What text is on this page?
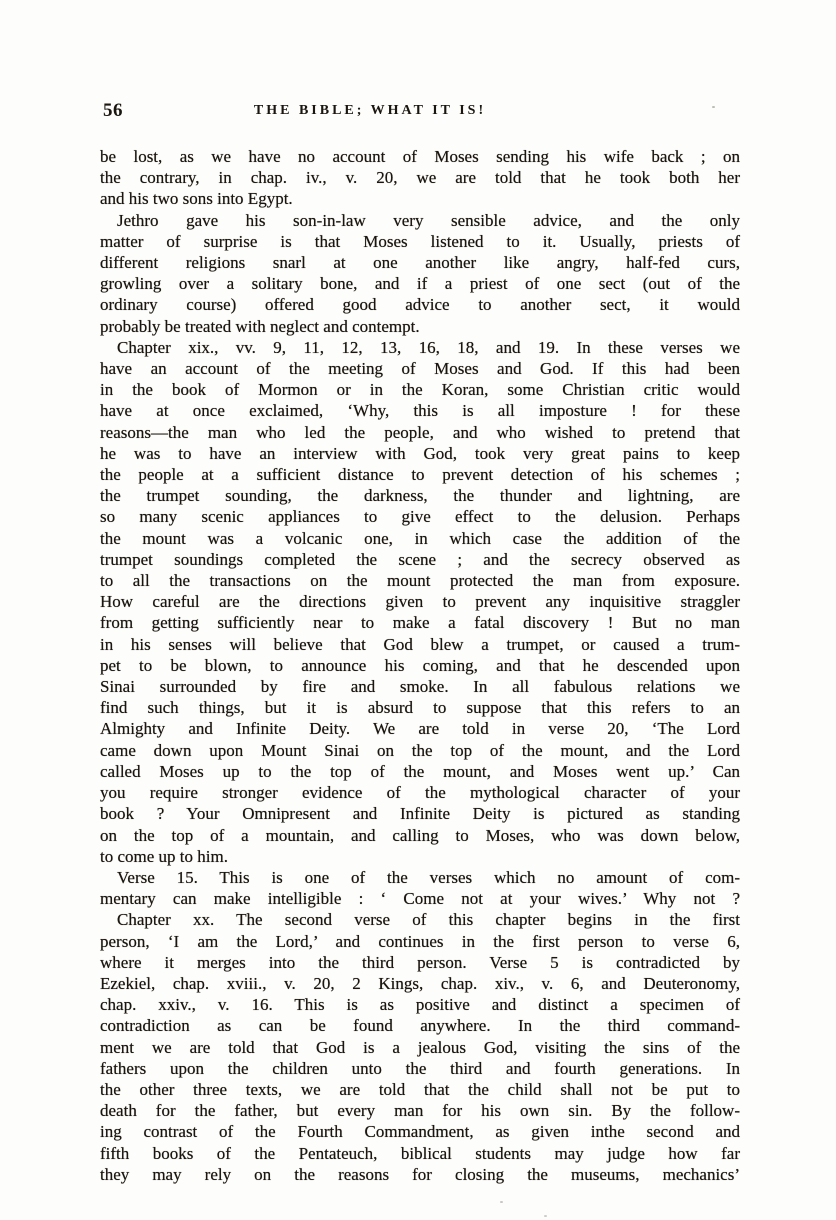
56	THE BIBLE; WHAT IT IS!
be lost, as we have no account of Moses sending his wife back ; on
the contrary, in chap. iv., v. 20, we are told that he took both her
and his two sons into Egypt.
Jethro gave his son-in-law very sensible advice, and the only
matter of surprise is that Moses listened to it. Usually, priests of
different religions snarl at one another like angry, half-fed curs,
growling over a solitary bone, and if a priest of one sect (out of the
ordinary course) offered good advice to another sect, it would
probably be treated with neglect and contempt.
Chapter xix., vv. 9, 11, 12, 13, 16, 18, and 19. In these verses we
have an account of the meeting of Moses and God. If this had been
in the book of Mormon or in the Koran, some Christian critic would
have at once exclaimed, ‘Why, this is all imposture ! for these
reasons—the man who led the people, and who wished to pretend that
he was to have an interview with God, took very great pains to keep
the people at a sufficient distance to prevent detection of his schemes ;
the trumpet sounding, the darkness, the thunder and lightning, are
so many scenic appliances to give effect to the delusion. Perhaps
the mount was a volcanic one, in which case the addition of the
trumpet soundings completed the scene ; and the secrecy observed as
to all the transactions on the mount protected the man from exposure.
How careful are the directions given to prevent any inquisitive straggler
from getting sufficiently near to make a fatal discovery ! But no man
in his senses will believe that God blew a trumpet, or caused a trum-
pet to be blown, to announce his coming, and that he descended upon
Sinai surrounded by fire and smoke. In all fabulous relations we
find such things, but it is absurd to suppose that this refers to an
Almighty and Infinite Deity. We are told in verse 20, ‘The Lord
came down upon Mount Sinai on the top of the mount, and the Lord
called Moses up to the top of the mount, and Moses went up.’ Can
you require stronger evidence of the mythological character of your
book ? Your Omnipresent and Infinite Deity is pictured as standing
on the top of a mountain, and calling to Moses, who was down below,
to come up to him.
Verse 15. This is one of the verses which no amount of com-
mentary can make intelligible : ‘ Come not at your wives.’ Why not ?
Chapter xx. The second verse of this chapter begins in the first
person, ‘I am the Lord,’ and continues in the first person to verse 6,
where it merges into the third person. Verse 5 is contradicted by
Ezekiel, chap. xviii., v. 20, 2 Kings, chap. xiv., v. 6, and Deuteronomy,
chap. xxiv., v. 16. This is as positive and distinct a specimen of
contradiction as can be found anywhere. In the third command-
ment we are told that God is a jealous God, visiting the sins of the
fathers upon the children unto the third and fourth generations. In
the other three texts, we are told that the child shall not be put to
death for the father, but every man for his own sin. By the follow-
ing contrast of the Fourth Commandment, as given inthe second and
fifth books of the Pentateuch, biblical students may judge how far
they may rely on the reasons for closing the museums, mechanics’
